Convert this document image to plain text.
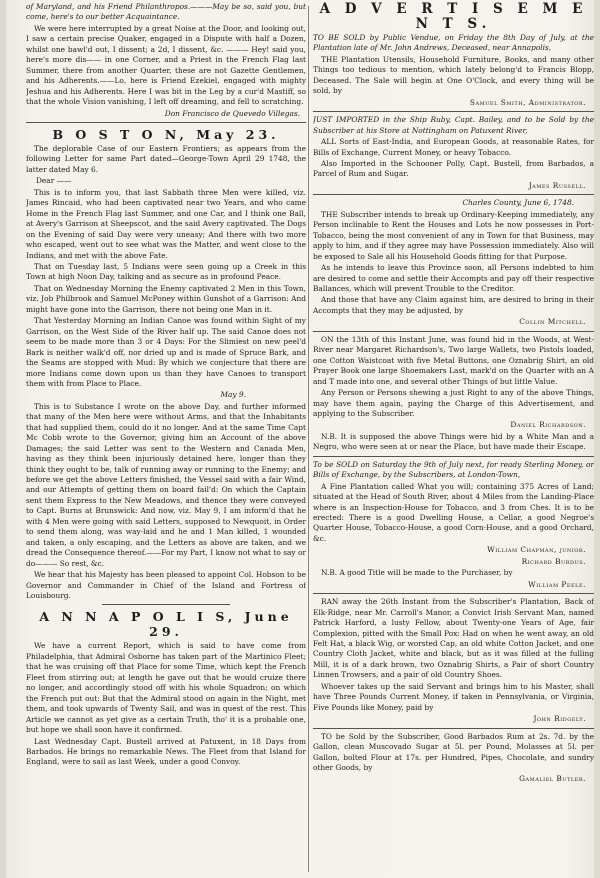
of Maryland, and his Friend Philanthropos.———May be so, said you, but come, here's to our better Acquaintance.

We were here interrupted by a great Noise at the Door, and looking out, I saw a certain precise Quaker, engaged in a Dispute with half a Dozen, whilst one bawl'd out, I dissent; a 2d, I dissent, &c. ——— Hey! said you, here's more dis—— in one Corner, and a Priest in the French Flag last Summer, there from another Quarter, these are not Gazette Gentlemen, and his Adherents.——Lo, here is Friend Ezekiel, engaged with mighty Jeshua and his Adherents. Here I was bit in the Leg by a cur'd Mastiff, so that the whole Vision vanishing, I left off dreaming, and fell to scratching.

Don Francisco de Quevedo Villegas.

B O S T O N, May 23.

The deplorable Case of our Eastern Frontiers; as appears from the following Letter for same Part dated—George-Town April 29 1748, the latter dated May 6.

Dear ——

This is to inform you, that last Sabbath three Men were killed, viz. James Rincaid, who had been captivated near two Years, and who came Home in the French Flag last Summer, and one Car, and I think one Ball, at Avery's Garrison at Sheepscot, and the said Avery captivated. The Dogs on the Evening of said Day were very uneasy; And there with two more who escaped, went out to see what was the Matter, and went close to the Indians, and met with the above Fate.

That on Tuesday last, 5 Indians were seen going up a Creek in this Town at high Noon Day, talking and as secure as in profound Peace.

That on Wednesday Morning the Enemy captivated 2 Men in this Town, viz. Job Philbrook and Samuel McPoney within Gunshot of a Garrison: And might have gone into the Garrison, there not being one Man in it.

That Yesterday Morning an Indian Canoe was found within Sight of my Garrison, on the West Side of the River half up. The said Canoe does not seem to be made more than 3 or 4 Days: For the Slimiest on new peel'd Bark is neither walk'd off, nor dried up and is made of Spruce Bark, and the Seams are stopped with Mud: By which we conjecture that there are more Indians come down upon us than they have Canoes to transport them with from Place to Place.

May 9.

This is to Substance I wrote on the above Day, and further informed that many of the Men here were without Arms, and that the Inhabitants that had supplied them, could do it no longer. And at the same Time Capt Mc Cobb wrote to the Governor, giving him an Account of the above Damages; the said Letter was sent to the Western and Canada Men, having as they think been injuriously detained here, longer than they think they ought to be, talk of running away or running to the Enemy; and before we get the above Letters finished, the Vessel said with a fair Wind, and our Attempts of getting them on board fail'd: On which the Captain sent them Express to the New Meadows, and thence they were conveyed to Capt. Burns at Brunswick: And now, viz. May 9, I am inform'd that he with 4 Men were going with said Letters, supposed to Newquoit, in Order to send them along, was way-laid and he and 1 Man killed, 1 wounded and taken, a only escaping, and the Letters as above are taken, and we dread the Consequence thereof.——For my Part, I know not what to say or do——— So rest, &c.

We hear that his Majesty has been pleased to appoint Col. Hobson to be Governor and Commander in Chief of the Island and Fortress of Louisbourg.

A N N A P O L I S, June 29.

We have a current Report, which is said to have come from Philadelphia, that Admiral Osborne has taken part of the Martinico Fleet; that he was cruising off that Place for some Time, which kept the French Fleet from stirring out; at length he gave out that he would cruize there no longer, and accordingly stood off with his whole Squadron; on which the French put out: But that the Admiral stood on again in the Night, met them, and took upwards of Twenty Sail, and was in quest of the rest. This Article we cannot as yet give as a certain Truth, tho' it is a probable one, but hope we shall soon have it confirmed.

Last Wednesday Capt. Bustell arrived at Patuxent, in 18 Days from Barbados. He brings no remarkable News. The Fleet from that Island for England, were to sail as last Week, under a good Convoy.

A D V E R T I S E M E N T S.

TO BE SOLD by Public Vendue, on Friday the 8th Day of July, at the Plantation late of Mr. John Andrews, Deceased, near Annapolis,

THE Plantation Utensils, Household Furniture, Books, and many other Things too tedious to mention, which lately belong'd to Francis Blopp, Deceased. The Sale will begin at One O'Clock, and every thing will be sold, by

Samuel Smith, Administrator.

JUST IMPORTED in the Ship Ruby, Capt. Bailey, and to be Sold by the Subscriber at his Store at Nottingham on Patuxent River,

ALL Sorts of East-India, and European Goods, at reasonable Rates, for Bills of Exchange, Current Money, or heavy Tobacco.

Also Imported in the Schooner Polly, Capt. Bustell, from Barbados, a Parcel of Rum and Sugar.

James Russell.

Charles County, June 6, 1748.

THE Subscriber intends to break up Ordinary-Keeping immediately, any Person inclinable to Rent the Houses and Lots he now possesses in Port-Tobacco, being the most convenient of any in Town for that Business, may apply to him, and if they agree may have Possession immediately. Also will be exposed to Sale all his Household Goods fitting for that Purpose.

As he intends to leave this Province soon, all Persons indebted to him are desired to come and settle their Accompts and pay off their respective Ballances, which will prevent Trouble to the Creditor.

And those that have any Claim against him, are desired to bring in their Accompts that they may be adjusted, by

Collin Mitchell.

ON the 13th of this Instant June, was found hid in the Woods, at West-River near Margaret Richardson's, Two large Wallets, two Pistols loaded, one Cotton Waistcoat with five Metal Buttons, one Oznabrig Shirt, an old Prayer Book one large Shoemakers Last, mark'd on the Quarter with an A and T made into one, and several other Things of but little Value.

Any Person or Persons shewing a just Right to any of the above Things, may have them again, paying the Charge of this Advertisement, and applying to the Subscriber.

Daniel Richardson.

N.B. It is supposed the above Things were hid by a White Man and a Negro, who were seen at or near the Place, but have made their Escape.

To be SOLD on Saturday the 9th of July next, for ready Sterling Money, or Bills of Exchange, by the Subscribers, at London-Town,

A Fine Plantation called What you will; containing 375 Acres of Land; situated at the Head of South River, about 4 Miles from the Landing-Place where is an Inspection-House for Tobacco, and 3 from Ches. It is to be erected: There is a good Dwelling House, a Cellar, a good Negroe's Quarter House, Tobacco-House, a good Corn-House, and a good Orchard, &c.

William Chapman, junior.

Richard Burdus.

N.B. A good Title will be made to the Purchaser, by

William Peele.

RAN away the 26th Instant from the Subscriber's Plantation, Back of Elk-Ridge, near Mr. Carroll's Manor, a Convict Irish Servant Man, named Patrick Harford, a lusty Fellow, about Twenty-one Years of Age, fair Complexion, pitted with the Small Pox: Had on when he went away, an old Felt Hat, a black Wig, or worsted Cap, an old white Cotton Jacket, and one Country Cloth Jacket, white and black, but as it was filled at the fulling Mill, it is of a dark brown, two Oznabrig Shirts, a Pair of short Country Linnen Trowsers, and a pair of old Country Shoes.

Whoever takes up the said Servant and brings him to his Master, shall have Three Pounds Current Money, if taken in Pennsylvania, or Virginia, Five Pounds like Money, paid by

John Ridgely.

TO be Sold by the Subscriber, Good Barbados Rum at 2s. 7d. by the Gallon, clean Muscovado Sugar at 5l. per Pound, Molasses at 5l. per Gallon, bolted Flour at 17s. per Hundred, Pipes, Chocolate, and sundry other Goods, by

Gamaliel Butler.
